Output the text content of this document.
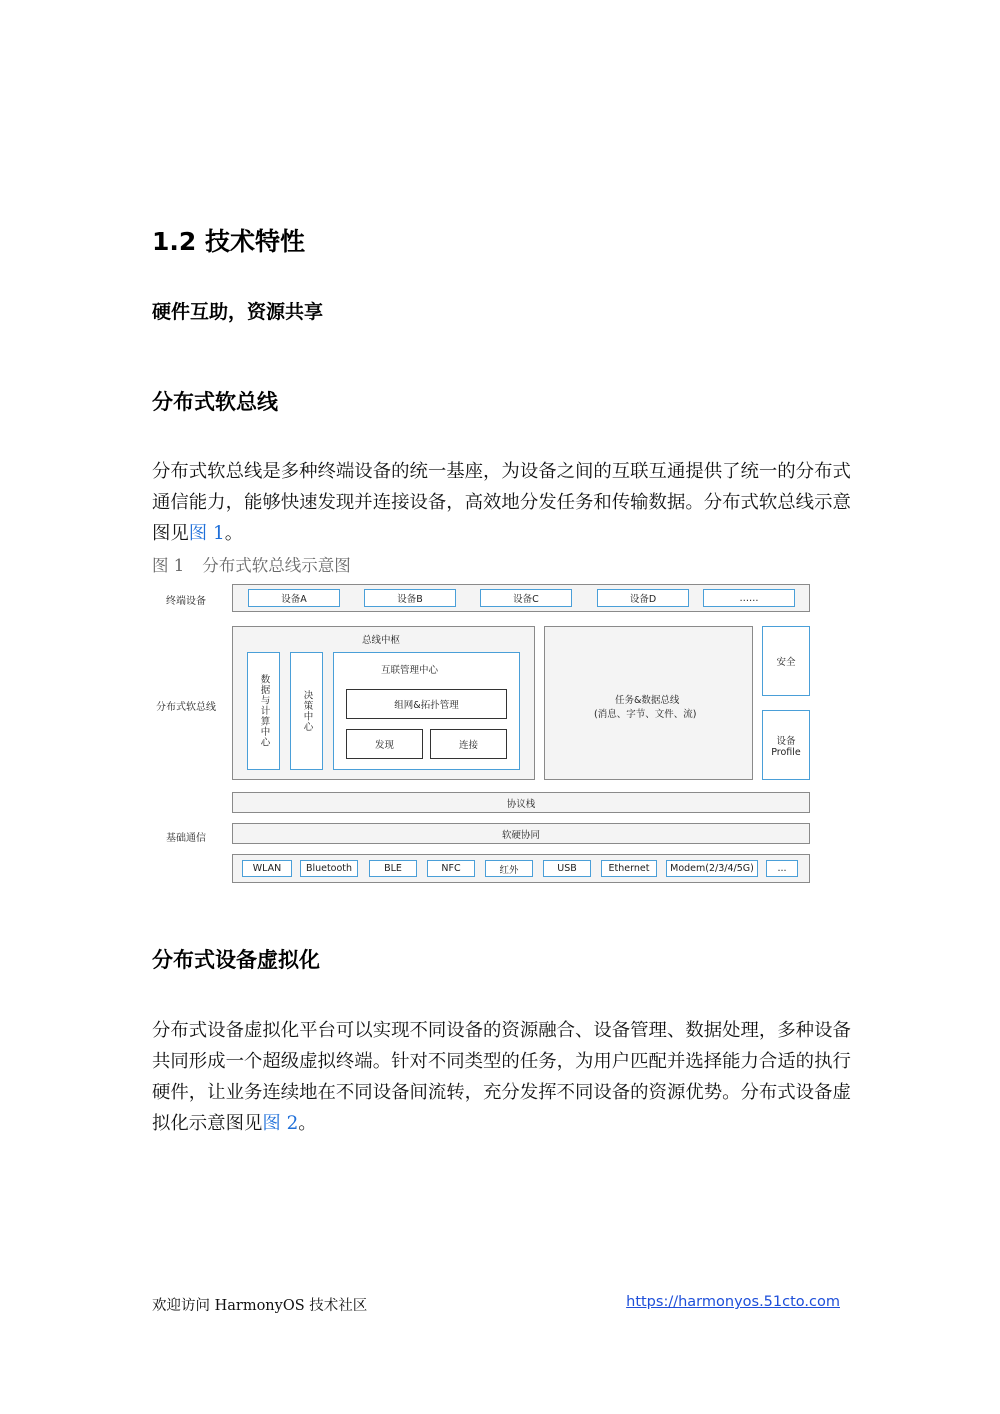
1.2 技术特性
硬件互助，资源共享
分布式软总线

分布式软总线是多种终端设备的统一基座，为设备之间的互联互通提供了统一的分布式通信能力，能够快速发现并连接设备，高效地分发任务和传输数据。分布式软总线示意图见图 1。

图 1 分布式软总线示意图
终端设备
分布式软总线
基础通信
设备A	设备B	设备C	设备D	……
总线中枢
数据与计算中心	决策中心
互联管理中心
组网&拓扑管理
发现	连接
任务&数据总线
(消息、字节、文件、流)
安全
设备
Profile
协议栈
软硬协同
WLAN	Bluetooth	BLE	NFC	红外	USB	Ethernet	Modem(2/3/4/5G)	...
分布式设备虚拟化

分布式设备虚拟化平台可以实现不同设备的资源融合、设备管理、数据处理，多种设备共同形成一个超级虚拟终端。针对不同类型的任务，为用户匹配并选择能力合适的执行硬件，让业务连续地在不同设备间流转，充分发挥不同设备的资源优势。分布式设备虚拟化示意图见图 2。

欢迎访问 HarmonyOS 技术社区	https://harmonyos.51cto.com
